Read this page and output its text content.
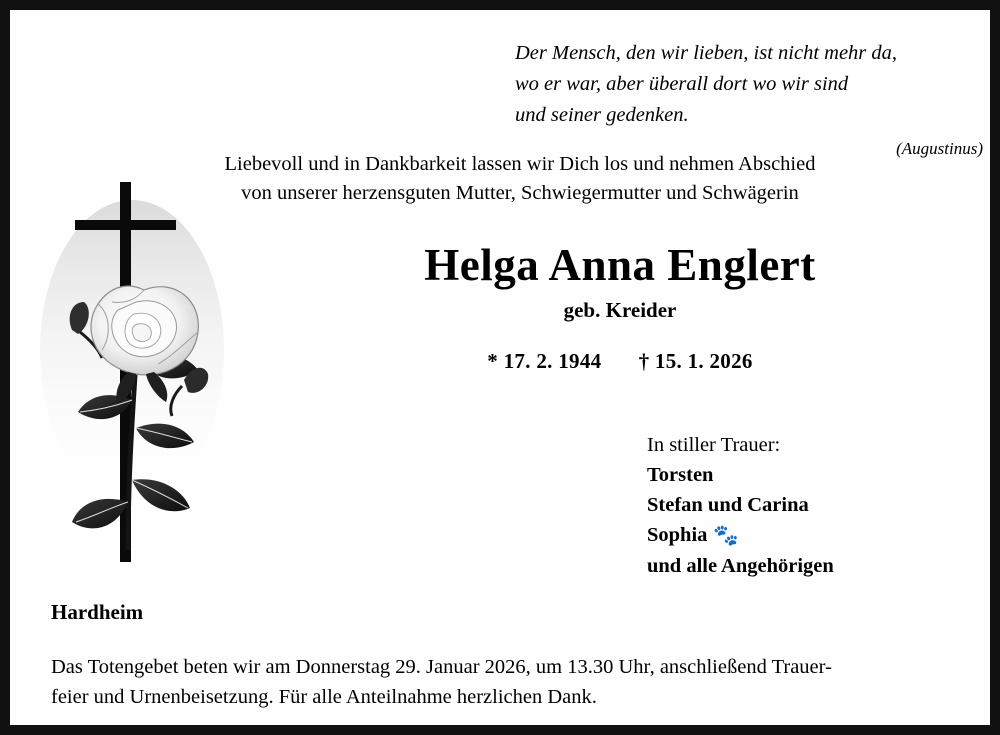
Der Mensch, den wir lieben, ist nicht mehr da,
wo er war, aber überall dort wo wir sind
und seiner gedenken.
(Augustinus)
Liebevoll und in Dankbarkeit lassen wir Dich los und nehmen Abschied
von unserer herzensguten Mutter, Schwiegermutter und Schwägerin
Helga Anna Englert
geb. Kreider
* 17. 2. 1944 † 15. 1. 2026
In stiller Trauer:
Torsten
Stefan und Carina
Sophia 🐾
und alle Angehörigen
Hardheim
Das Totengebet beten wir am Donnerstag 29. Januar 2026, um 13.30 Uhr, anschließend Trauer-
feier und Urnenbeisetzung. Für alle Anteilnahme herzlichen Dank.
